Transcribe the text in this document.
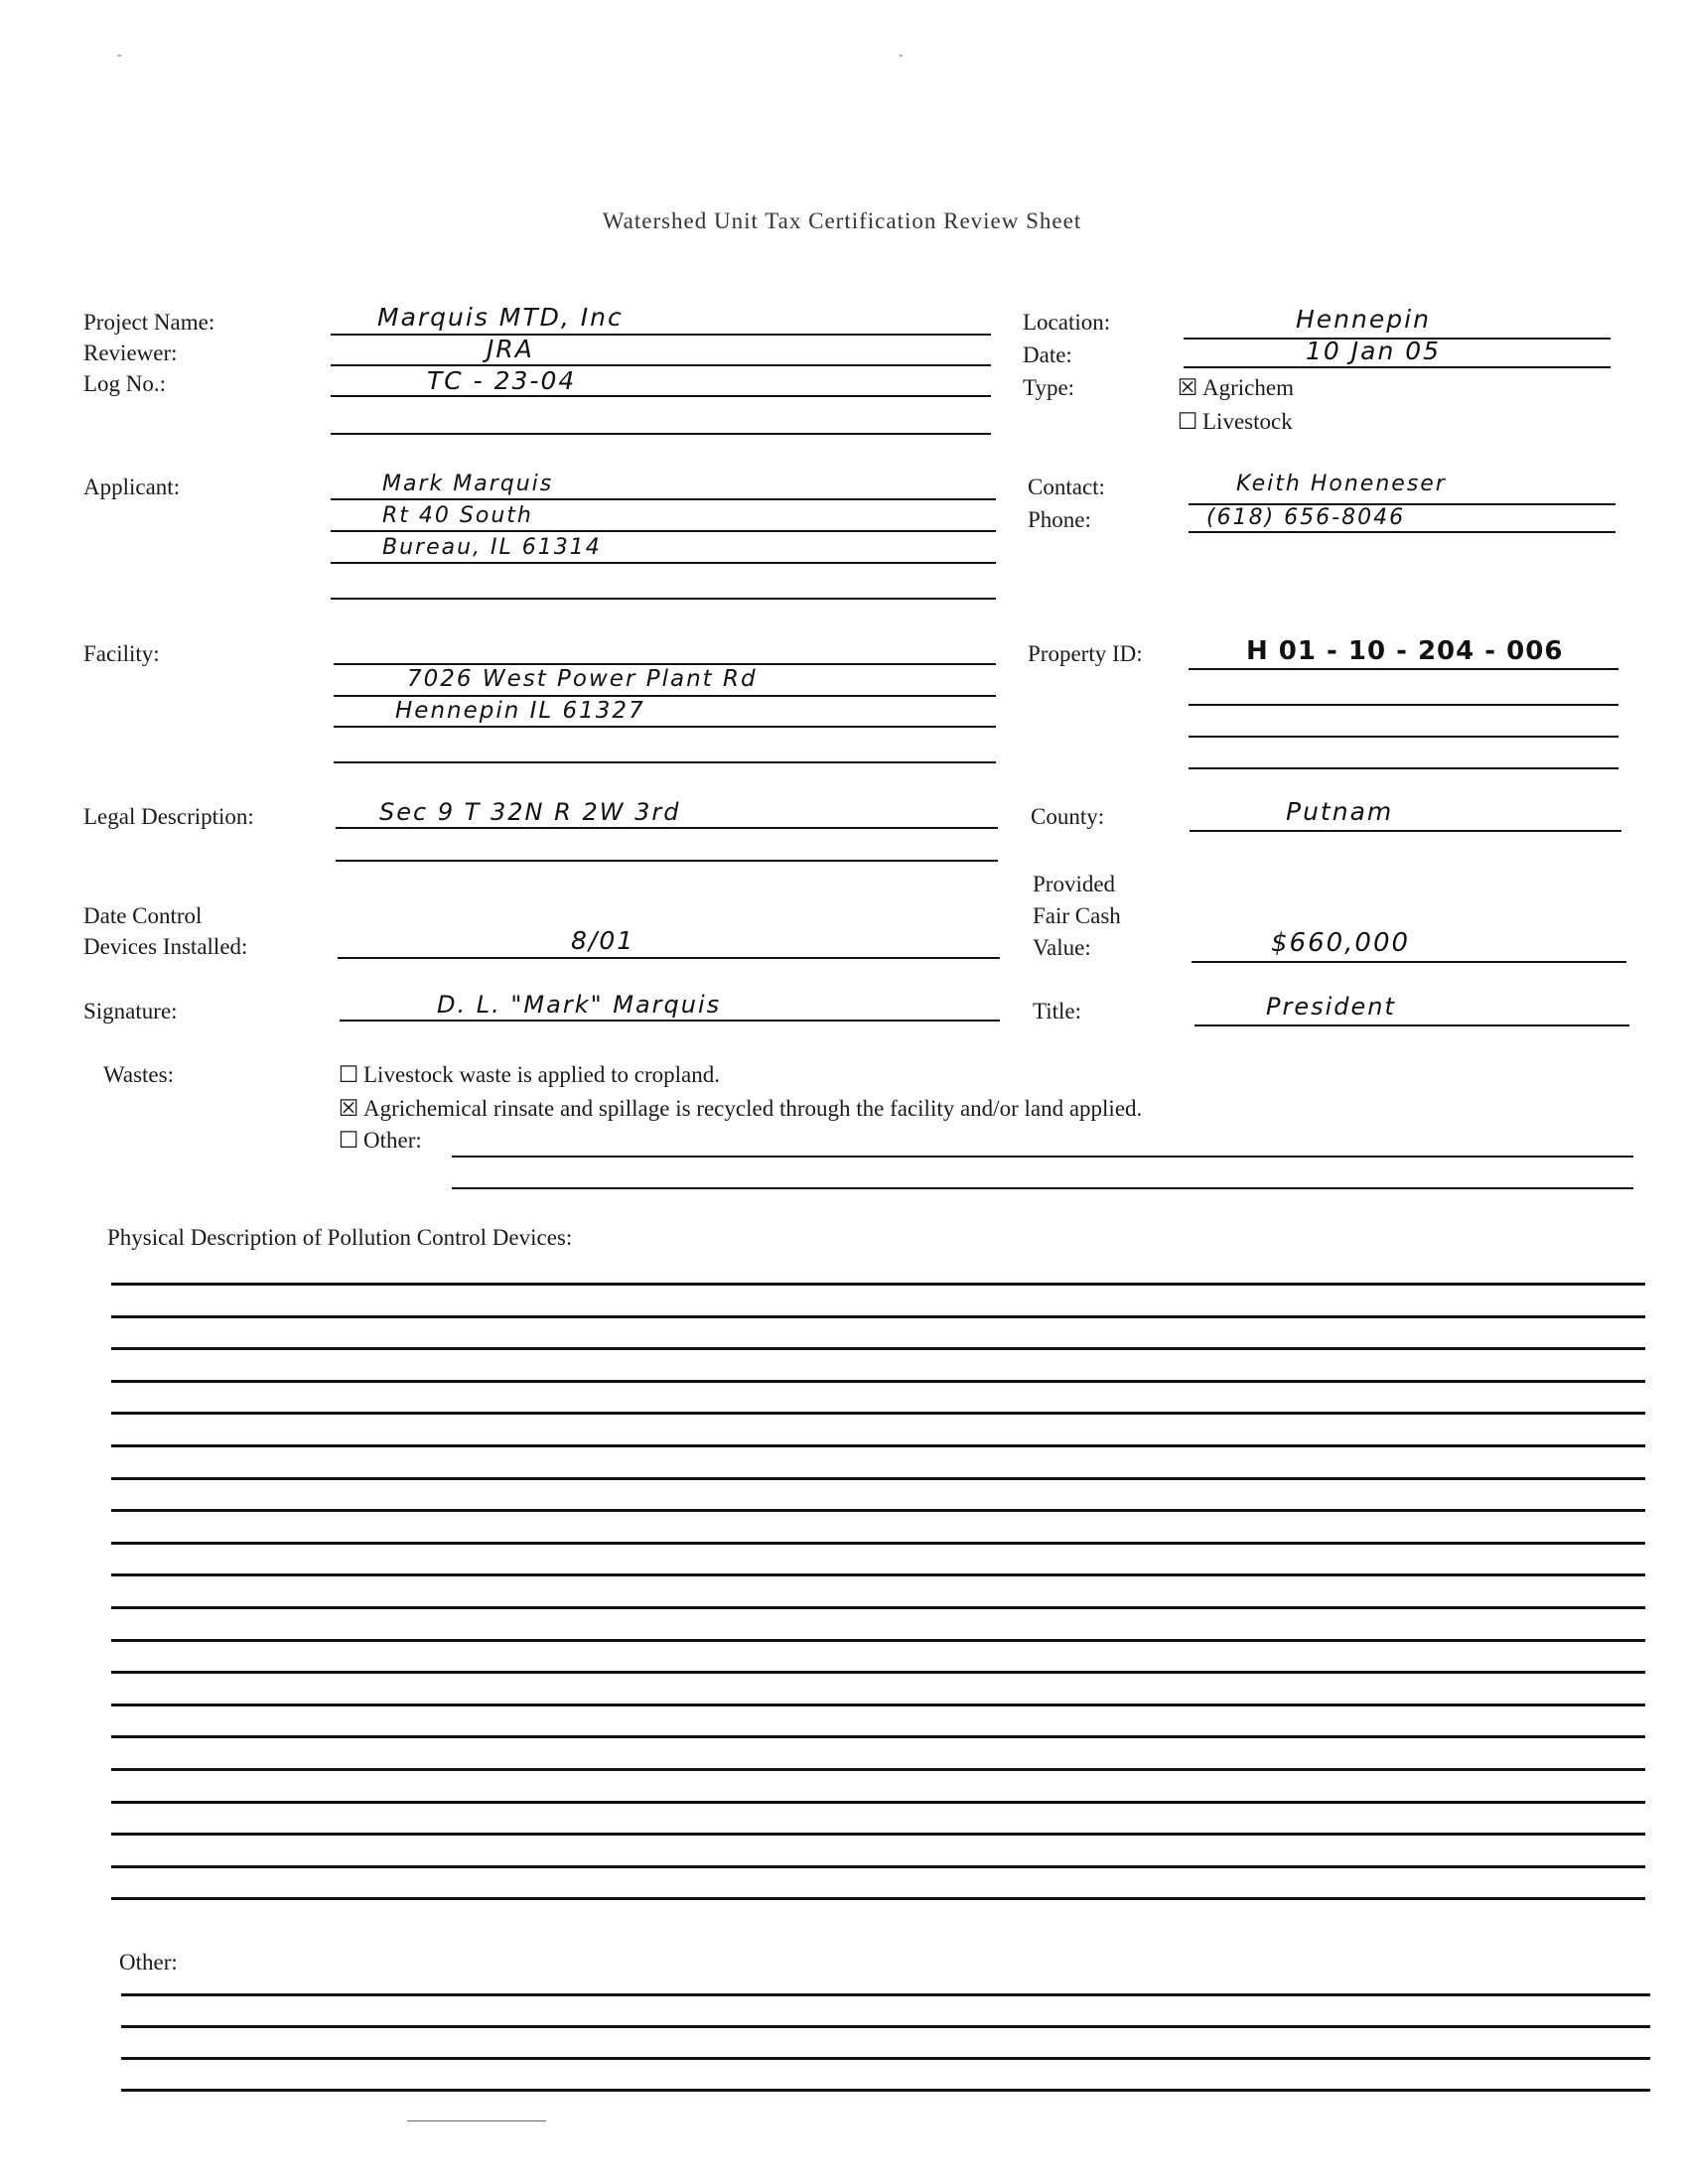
-	-
Watershed Unit Tax Certification Review Sheet
Project Name:	Marquis MTD, Inc
Reviewer:	JRA
Log No.:	TC - 23-04
Location:	Hennepin
Date:	10 Jan 05
Type:	☒ Agrichem
☐ Livestock
Applicant:	Mark Marquis
Rt 40 South
Bureau, IL 61314
Contact:	Keith Honeneser
Phone:	(618) 656-8046
Facility:
7026 West Power Plant Rd
Hennepin IL 61327
Property ID:	H 01 - 10 - 204 - 006
Legal Description:	Sec 9 T 32N R 2W 3rd	County:	Putnam
Date Control
Devices Installed:	8/01
Provided
Fair Cash
Value:	$660,000
Signature:	D. L. "Mark" Marquis	Title:	President
Wastes:	☐ Livestock waste is applied to cropland.
☒ Agrichemical rinsate and spillage is recycled through the facility and/or land applied.
☐ Other:
Physical Description of Pollution Control Devices:
Other:
